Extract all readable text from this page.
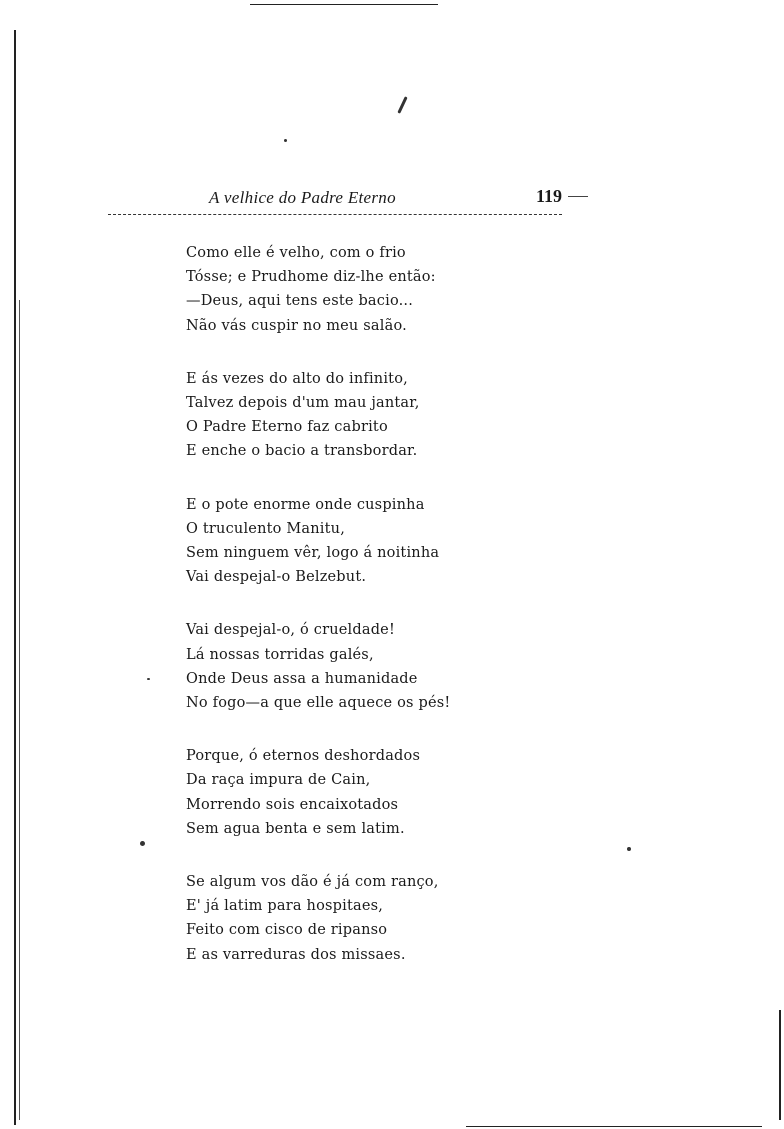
A velhice do Padre Eterno	119
Como elle é velho, com o frio
Tósse; e Prudhome diz-lhe então:
—Deus, aqui tens este bacio...
Não vás cuspir no meu salão.
E ás vezes do alto do infinito,
Talvez depois d'um mau jantar,
O Padre Eterno faz cabrito
E enche o bacio a transbordar.
E o pote enorme onde cuspinha
O truculento Manitu,
Sem ninguem vêr, logo á noitinha
Vai despejal-o Belzebut.
Vai despejal-o, ó crueldade!
Lá nossas torridas galés,
Onde Deus assa a humanidade
No fogo—a que elle aquece os pés!
Porque, ó eternos deshordados
Da raça impura de Cain,
Morrendo sois encaixotados
Sem agua benta e sem latim.
Se algum vos dão é já com ranço,
E' já latim para hospitaes,
Feito com cisco de ripanso
E as varreduras dos missaes.
